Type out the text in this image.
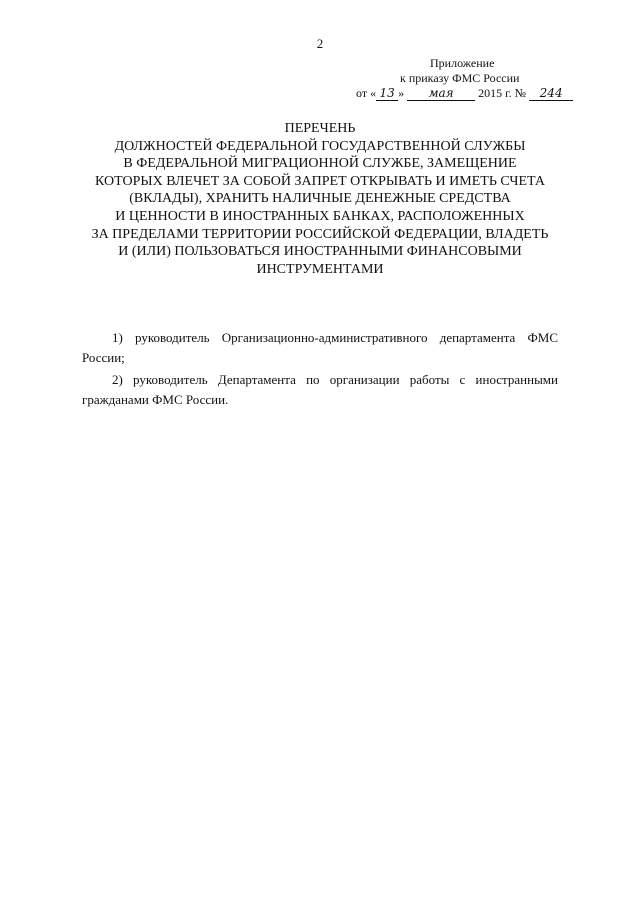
2
Приложение
к приказу ФМС России
от « 13 » мая 2015 г. № 244
ПЕРЕЧЕНЬ
ДОЛЖНОСТЕЙ ФЕДЕРАЛЬНОЙ ГОСУДАРСТВЕННОЙ СЛУЖБЫ
В ФЕДЕРАЛЬНОЙ МИГРАЦИОННОЙ СЛУЖБЕ, ЗАМЕЩЕНИЕ
КОТОРЫХ ВЛЕЧЕТ ЗА СОБОЙ ЗАПРЕТ ОТКРЫВАТЬ И ИМЕТЬ СЧЕТА
(ВКЛАДЫ), ХРАНИТЬ НАЛИЧНЫЕ ДЕНЕЖНЫЕ СРЕДСТВА
И ЦЕННОСТИ В ИНОСТРАННЫХ БАНКАХ, РАСПОЛОЖЕННЫХ
ЗА ПРЕДЕЛАМИ ТЕРРИТОРИИ РОССИЙСКОЙ ФЕДЕРАЦИИ, ВЛАДЕТЬ
И (ИЛИ) ПОЛЬЗОВАТЬСЯ ИНОСТРАННЫМИ ФИНАНСОВЫМИ
ИНСТРУМЕНТАМИ

1) руководитель Организационно-административного департамента ФМС России;

2) руководитель Департамента по организации работы с иностранными гражданами ФМС России.
